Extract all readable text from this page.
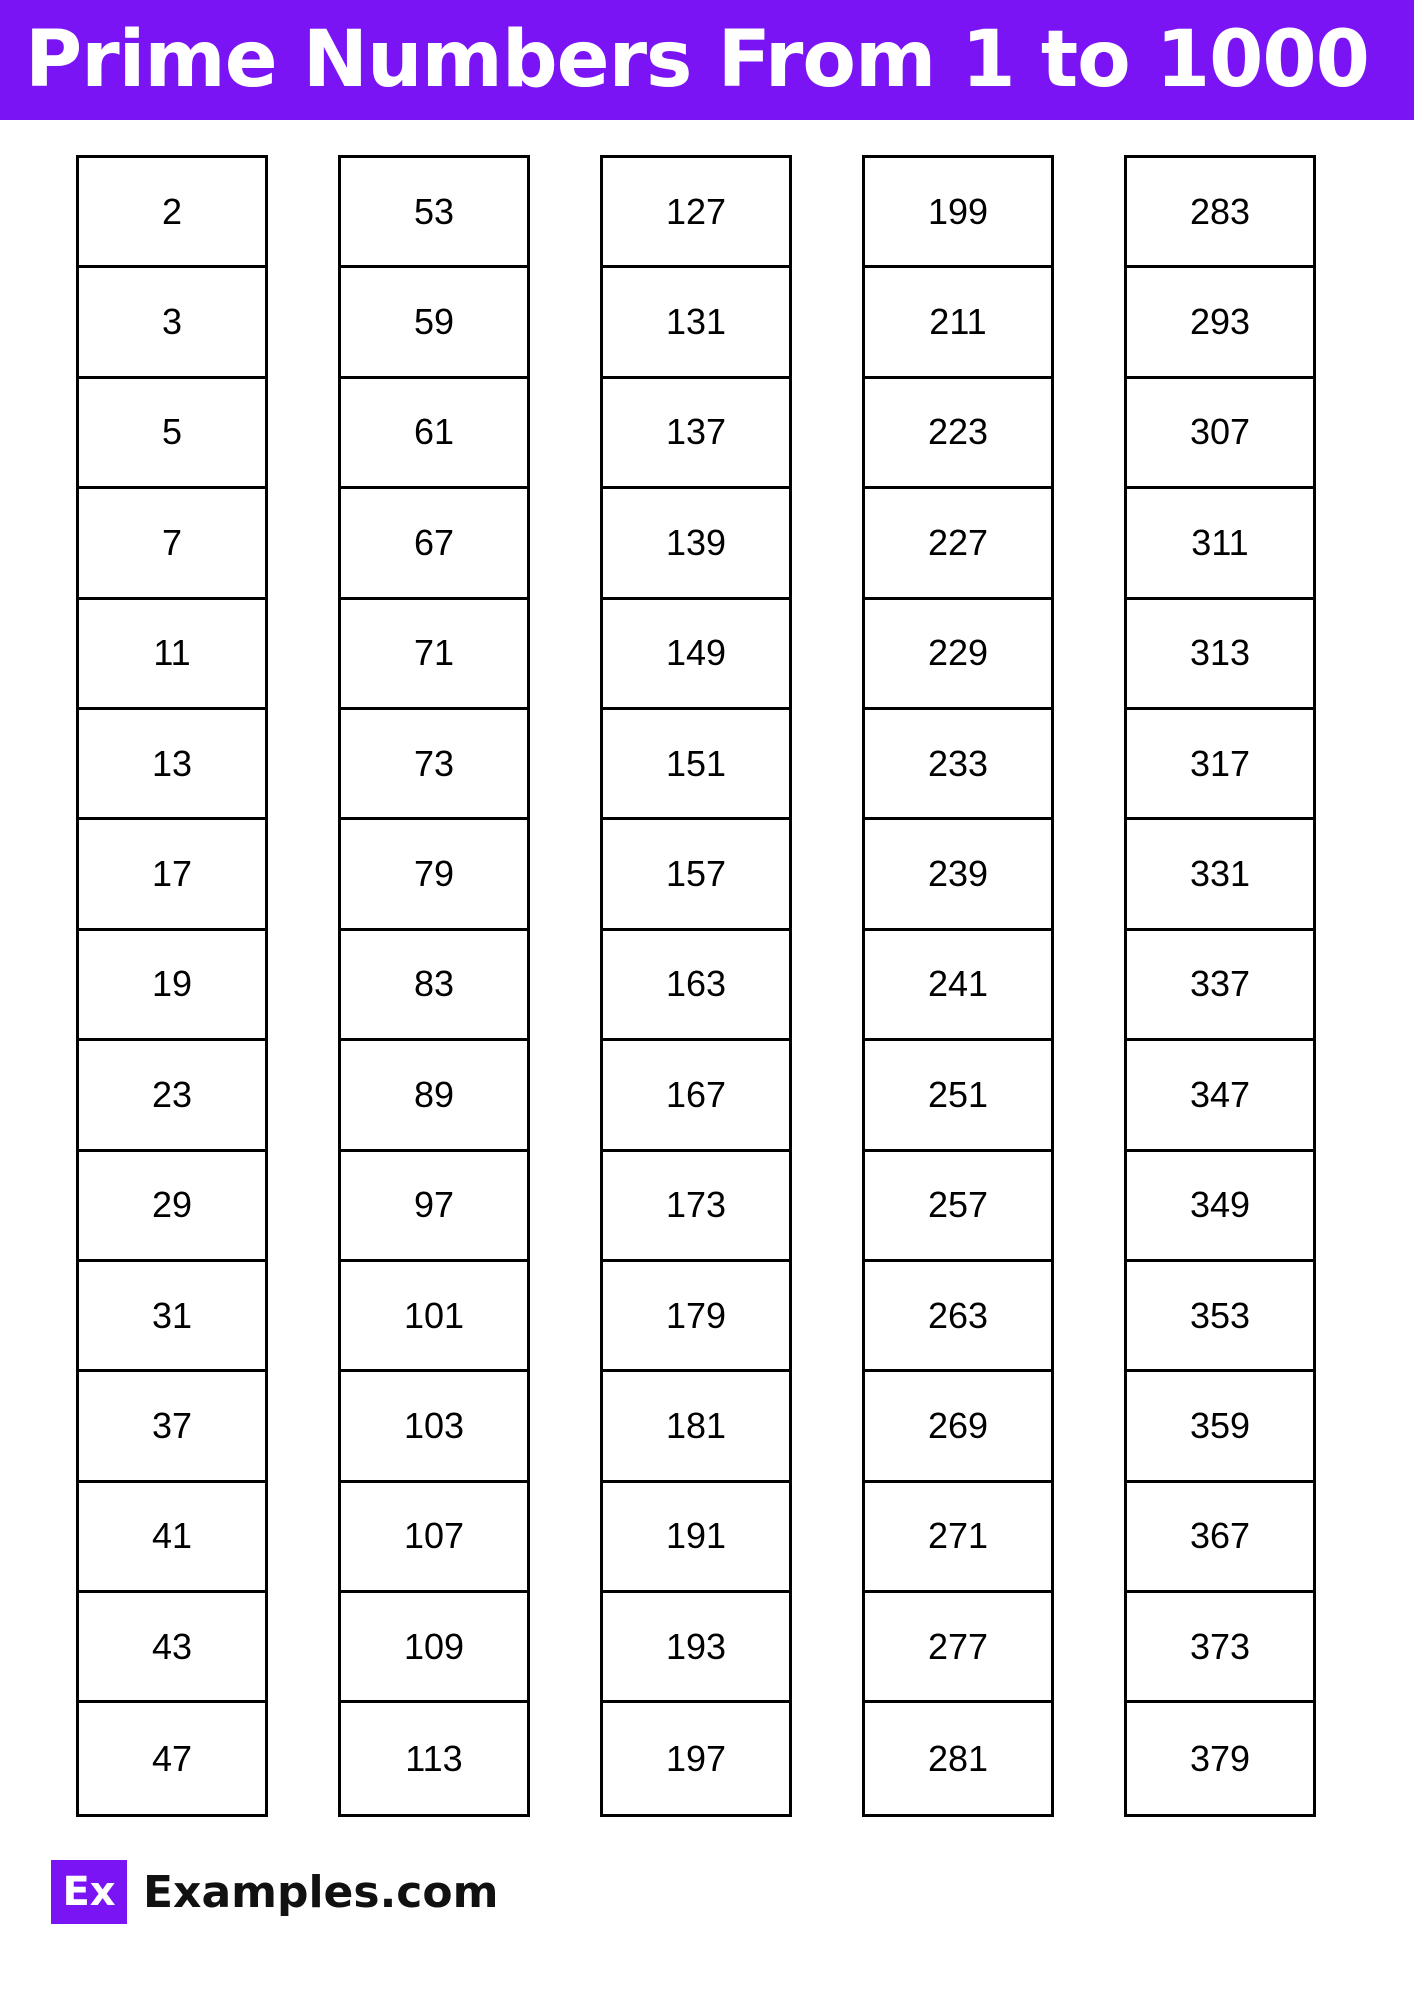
Prime Numbers From 1 to 1000
2
3
5
7
11
13
17
19
23
29
31
37
41
43
47
53
59
61
67
71
73
79
83
89
97
101
103
107
109
113
127
131
137
139
149
151
157
163
167
173
179
181
191
193
197
199
211
223
227
229
233
239
241
251
257
263
269
271
277
281
283
293
307
311
313
317
331
337
347
349
353
359
367
373
379
Ex Examples.com
